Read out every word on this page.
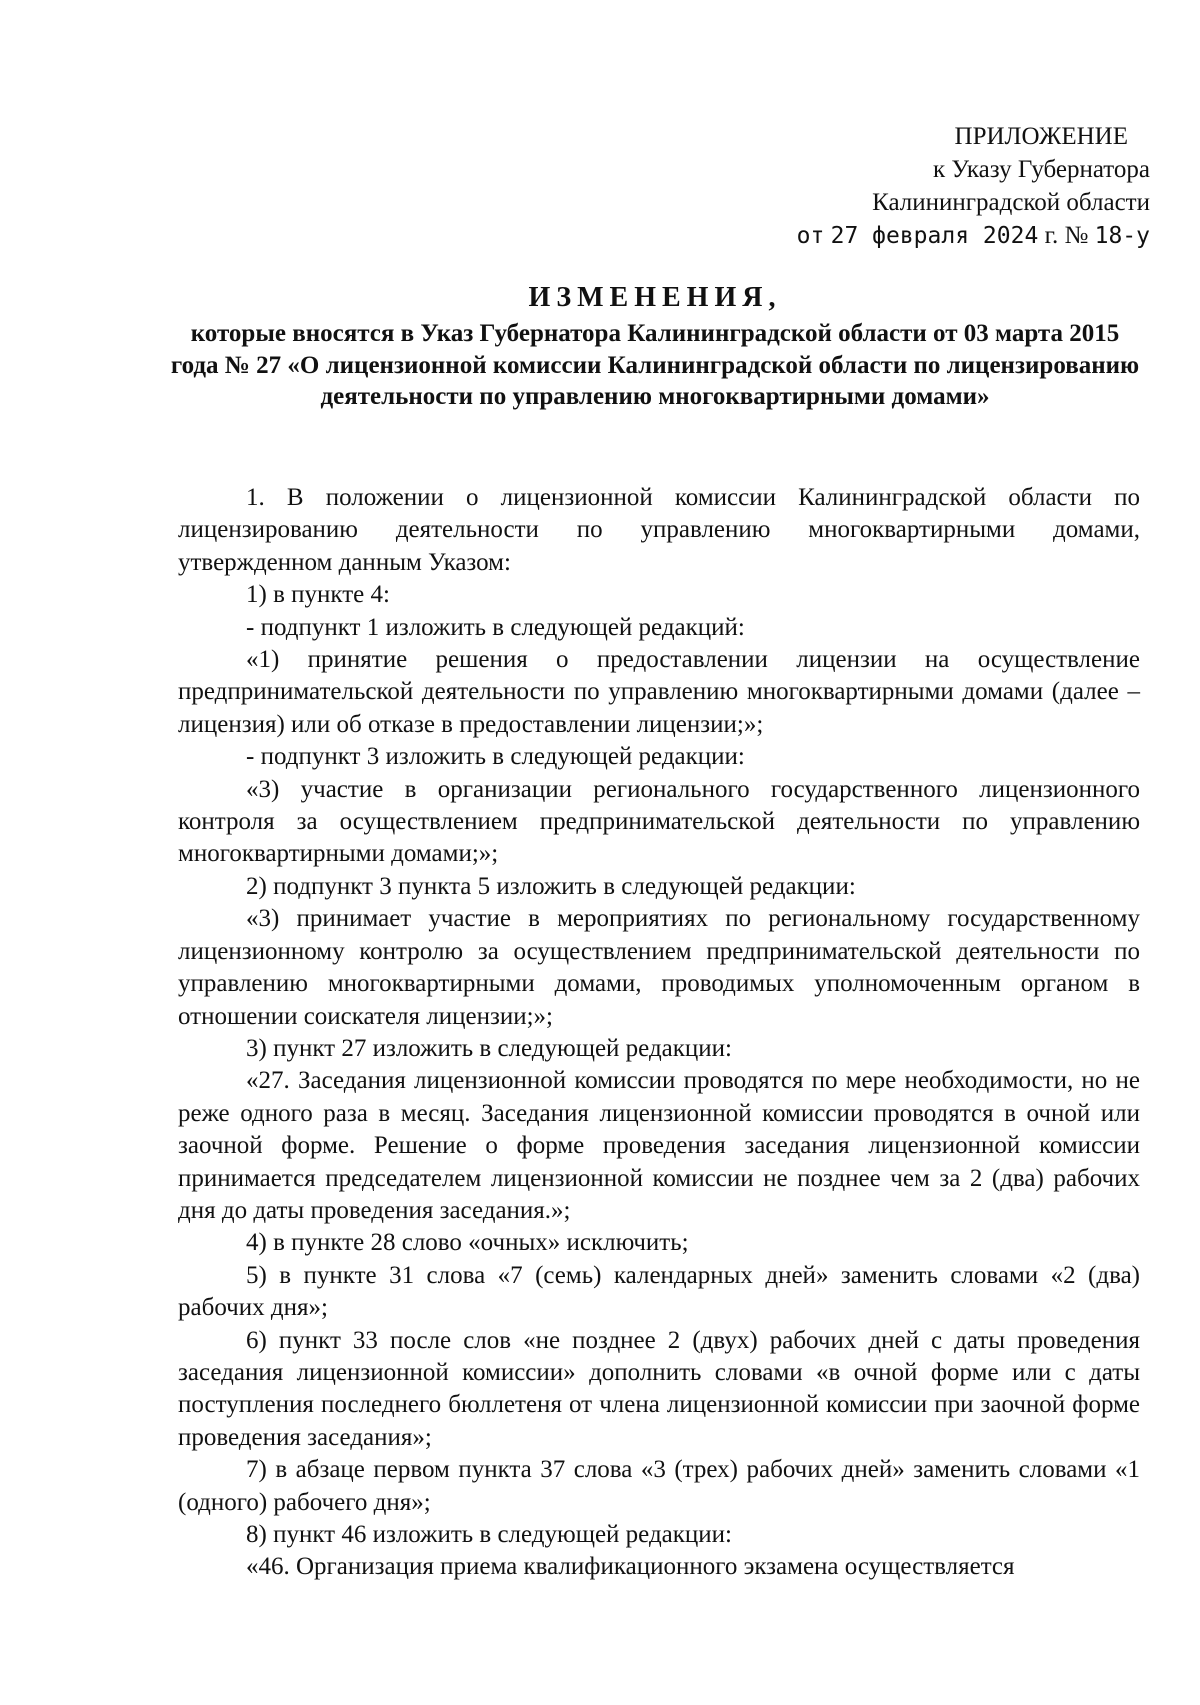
ПРИЛОЖЕНИЕ
к Указу Губернатора
Калининградской области
от 27 февраля 2024 г. № 18-у
ИЗМЕНЕНИЯ,

которые вносятся в Указ Губернатора Калининградской области от 03 марта 2015 года № 27 «О лицензионной комиссии Калининградской области по лицензированию деятельности по управлению многоквартирными домами»

1. В положении о лицензионной комиссии Калининградской области по лицензированию деятельности по управлению многоквартирными домами, утвержденном данным Указом:

1) в пункте 4:

- подпункт 1 изложить в следующей редакций:

«1) принятие решения о предоставлении лицензии на осуществление предпринимательской деятельности по управлению многоквартирными домами (далее – лицензия) или об отказе в предоставлении лицензии;»;

- подпункт 3 изложить в следующей редакции:

«3) участие в организации регионального государственного лицензионного контроля за осуществлением предпринимательской деятельности по управлению многоквартирными домами;»;

2) подпункт 3 пункта 5 изложить в следующей редакции:

«3) принимает участие в мероприятиях по региональному государственному лицензионному контролю за осуществлением предпринимательской деятельности по управлению многоквартирными домами, проводимых уполномоченным органом в отношении соискателя лицензии;»;

3) пункт 27 изложить в следующей редакции:

«27. Заседания лицензионной комиссии проводятся по мере необходимости, но не реже одного раза в месяц. Заседания лицензионной комиссии проводятся в очной или заочной форме. Решение о форме проведения заседания лицензионной комиссии принимается председателем лицензионной комиссии не позднее чем за 2 (два) рабочих дня до даты проведения заседания.»;

4) в пункте 28 слово «очных» исключить;

5) в пункте 31 слова «7 (семь) календарных дней» заменить словами «2 (два) рабочих дня»;

6) пункт 33 после слов «не позднее 2 (двух) рабочих дней с даты проведения заседания лицензионной комиссии» дополнить словами «в очной форме или с даты поступления последнего бюллетеня от члена лицензионной комиссии при заочной форме проведения заседания»;

7) в абзаце первом пункта 37 слова «3 (трех) рабочих дней» заменить словами «1 (одного) рабочего дня»;

8) пункт 46 изложить в следующей редакции:

«46. Организация приема квалификационного экзамена осуществляется
